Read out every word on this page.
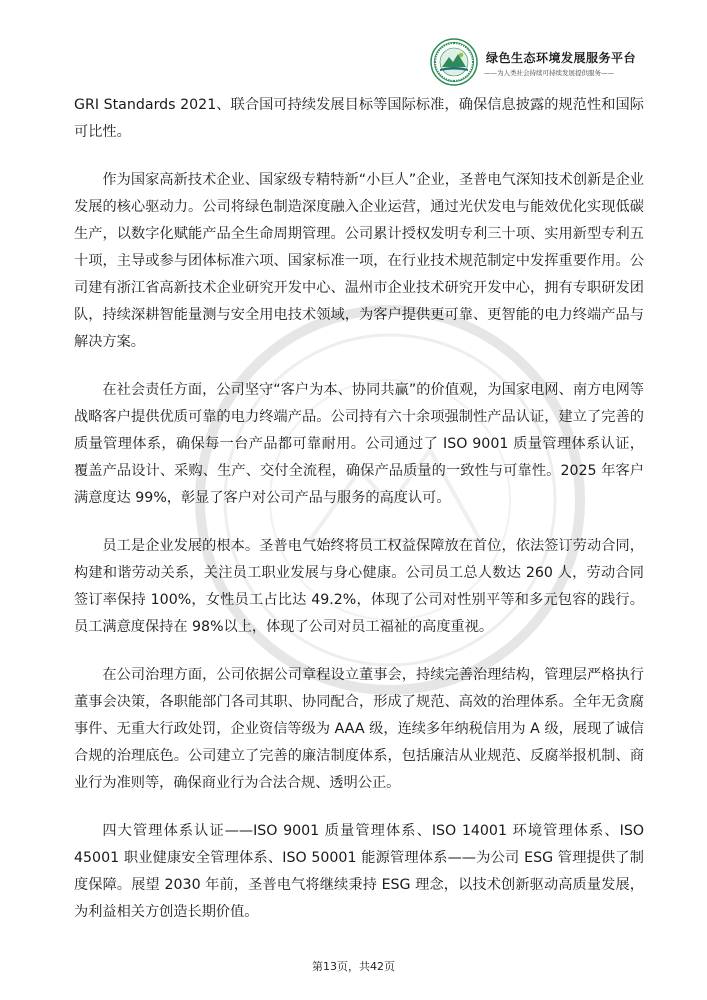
绿色生态环境发展服务平台
——为人类社会持续可持续发展提供服务——

GRI Standards 2021、联合国可持续发展目标等国际标准，确保信息披露的规范性和国际可比性。

作为国家高新技术企业、国家级专精特新“小巨人”企业，圣普电气深知技术创新是企业发展的核心驱动力。公司将绿色制造深度融入企业运营，通过光伏发电与能效优化实现低碳生产，以数字化赋能产品全生命周期管理。公司累计授权发明专利三十项、实用新型专利五十项，主导或参与团体标准六项、国家标准一项，在行业技术规范制定中发挥重要作用。公司建有浙江省高新技术企业研究开发中心、温州市企业技术研究开发中心，拥有专职研发团队，持续深耕智能量测与安全用电技术领域，为客户提供更可靠、更智能的电力终端产品与解决方案。

在社会责任方面，公司坚守“客户为本、协同共赢”的价值观，为国家电网、南方电网等战略客户提供优质可靠的电力终端产品。公司持有六十余项强制性产品认证，建立了完善的质量管理体系，确保每一台产品都可靠耐用。公司通过了 ISO 9001 质量管理体系认证，覆盖产品设计、采购、生产、交付全流程，确保产品质量的一致性与可靠性。2025 年客户满意度达 99%，彰显了客户对公司产品与服务的高度认可。

员工是企业发展的根本。圣普电气始终将员工权益保障放在首位，依法签订劳动合同，构建和谐劳动关系，关注员工职业发展与身心健康。公司员工总人数达 260 人，劳动合同签订率保持 100%，女性员工占比达 49.2%，体现了公司对性别平等和多元包容的践行。员工满意度保持在 98%以上，体现了公司对员工福祉的高度重视。

在公司治理方面，公司依据公司章程设立董事会，持续完善治理结构，管理层严格执行董事会决策，各职能部门各司其职、协同配合，形成了规范、高效的治理体系。全年无贪腐事件、无重大行政处罚，企业资信等级为 AAA 级，连续多年纳税信用为 A 级，展现了诚信合规的治理底色。公司建立了完善的廉洁制度体系，包括廉洁从业规范、反腐举报机制、商业行为准则等，确保商业行为合法合规、透明公正。

四大管理体系认证——ISO 9001 质量管理体系、ISO 14001 环境管理体系、ISO 45001 职业健康安全管理体系、ISO 50001 能源管理体系——为公司 ESG 管理提供了制度保障。展望 2030 年前，圣普电气将继续秉持 ESG 理念，以技术创新驱动高质量发展，为利益相关方创造长期价值。

第13页，共42页
